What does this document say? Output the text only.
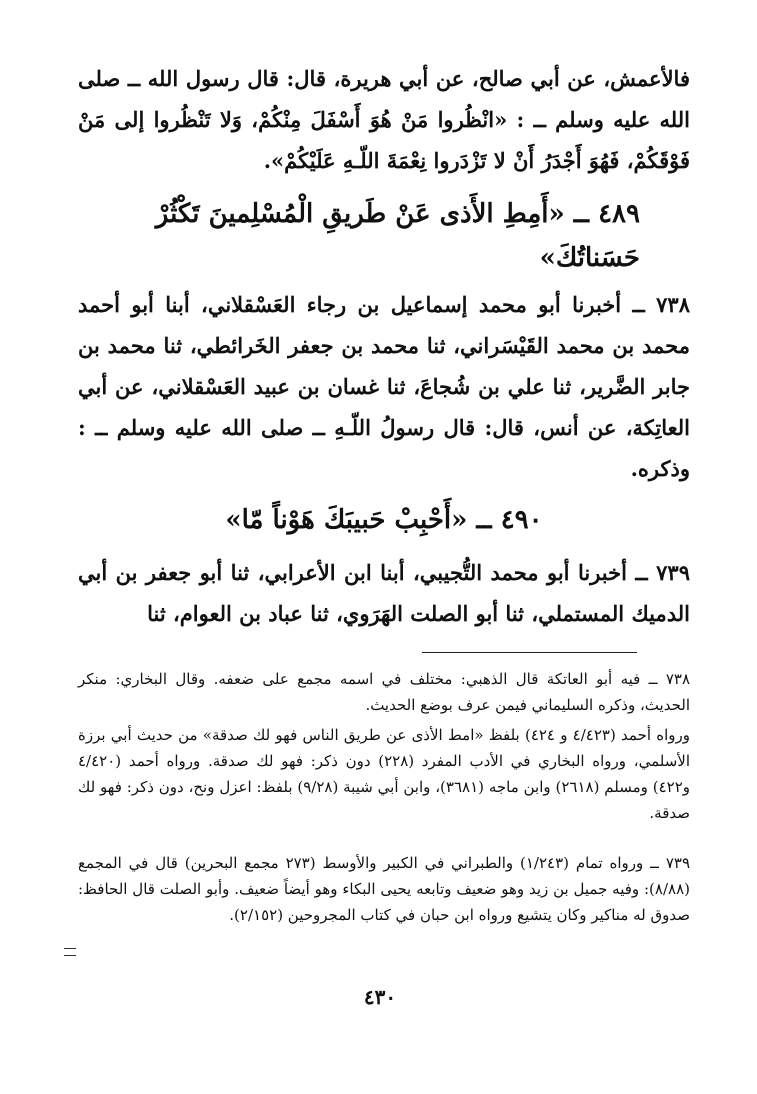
فالأعمش، عن أبي صالح، عن أبي هريرة، قال: قال رسول الله ــ صلى الله عليه وسلم ــ : «انْظُروا مَنْ هُوَ أَسْفَلَ مِنْكُمْ، وَلا تَنْظُروا إلى مَنْ فَوْقَكُمْ، فَهُوَ أَجْدَرُ أَنْ لا تَزْدَروا نِعْمَةَ اللّـهِ عَلَيْكُمْ».

٤٨٩ ــ «أَمِطِ الأَذى عَنْ طَريقِ الْمُسْلِمينَ تَكْثُرْ حَسَناتُكَ»

٧٣٨ ــ أخبرنا أبو محمد إسماعيل بن رجاء العَسْقلاني، أبنا أبو أحمد محمد بن محمد القَيْسَراني، ثنا محمد بن جعفر الخَرائطي، ثنا محمد بن جابر الضَّرير، ثنا علي بن شُجاعَ، ثنا غسان بن عبيد العَسْقلاني، عن أبي العاتِكة، عن أنس، قال: قال رسولُ اللّـهِ ــ صلى الله عليه وسلم ــ : وذكره.

٤٩٠ ــ «أَحْبِبْ حَبيبَكَ هَوْناً مّا»

٧٣٩ ــ أخبرنا أبو محمد التُّجيبي، أبنا ابن الأعرابي، ثنا أبو جعفر بن أبي الدميك المستملي، ثنا أبو الصلت الهَرَوي، ثنا عباد بن العوام، ثنا

٧٣٨ ــ فيه أبو العاتكة قال الذهبي: مختلف في اسمه مجمع على ضعفه. وقال البخاري: منكر الحديث، وذكره السليماني فيمن عرف بوضع الحديث.

ورواه أحمد (٤/٤٢٣ و ٤٢٤) بلفظ «امط الأذى عن طريق الناس فهو لك صدقة» من حديث أبي برزة الأسلمي، ورواه البخاري في الأدب المفرد (٢٢٨) دون ذكر: فهو لك صدقة. ورواه أحمد (٤/٤٢٠ و٤٢٢) ومسلم (٢٦١٨) وابن ماجه (٣٦٨١)، وابن أبي شيبة (٩/٢٨) بلفظ: اعزل ونح، دون ذكر: فهو لك صدقة.

٧٣٩ ــ ورواه تمام (١/٢٤٣) والطبراني في الكبير والأوسط (٢٧٣ مجمع البحرين) قال في المجمع (٨/٨٨): وفيه جميل بن زيد وهو ضعيف وتابعه يحيى البكاء وهو أيضاً ضعيف. وأبو الصلت قال الحافظ: صدوق له مناكير وكان يتشيع ورواه ابن حبان في كتاب المجروحين (٢/١٥٢).

٤٣٠
